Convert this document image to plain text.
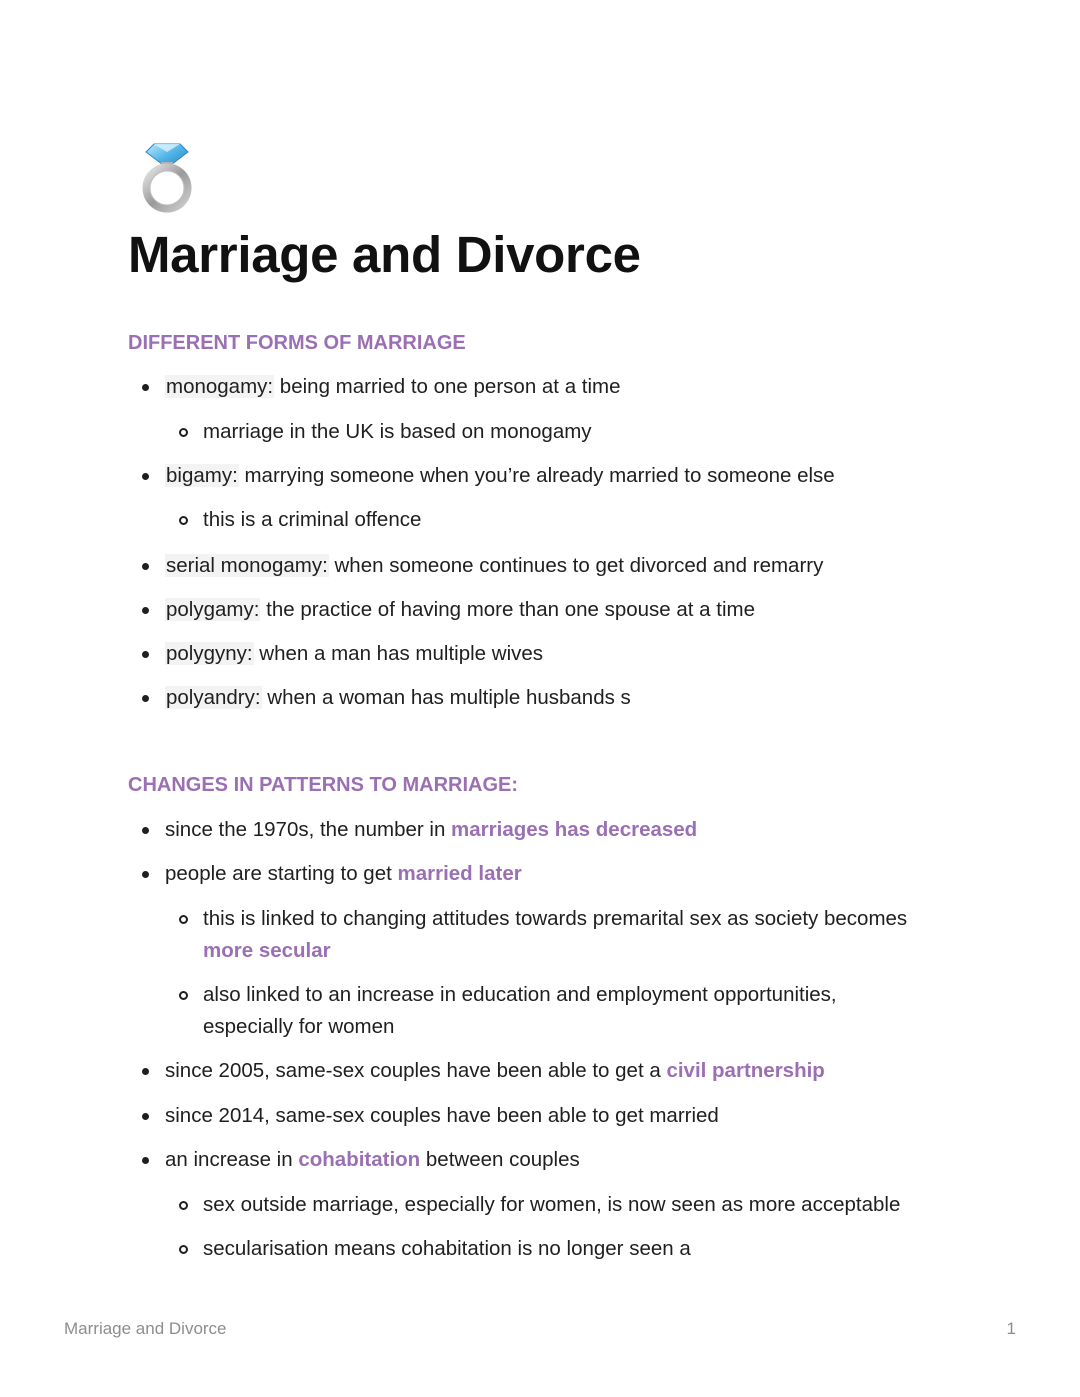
Marriage and Divorce
DIFFERENT FORMS OF MARRIAGE
monogamy: being married to one person at a time
marriage in the UK is based on monogamy
bigamy: marrying someone when you’re already married to someone else
this is a criminal offence
serial monogamy: when someone continues to get divorced and remarry
polygamy: the practice of having more than one spouse at a time
polygyny: when a man has multiple wives
polyandry: when a woman has multiple husbands s
CHANGES IN PATTERNS TO MARRIAGE:
since the 1970s, the number in marriages has decreased
people are starting to get married later
this is linked to changing attitudes towards premarital sex as society becomes
more secular
also linked to an increase in education and employment opportunities,
especially for women
since 2005, same-sex couples have been able to get a civil partnership
since 2014, same-sex couples have been able to get married
an increase in cohabitation between couples
sex outside marriage, especially for women, is now seen as more acceptable
secularisation means cohabitation is no longer seen a
Marriage and Divorce	1
